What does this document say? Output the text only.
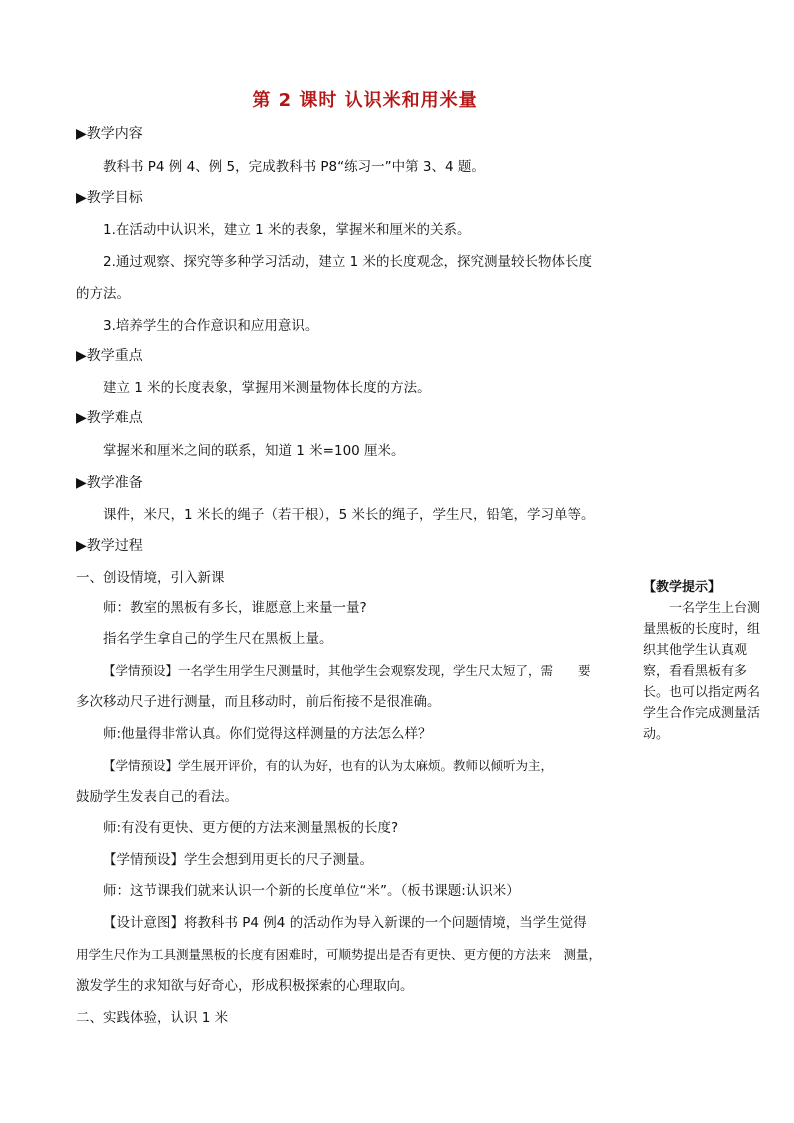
第 2 课时 认识米和用米量
▶教学内容
教科书 P4 例 4、例 5，完成教科书 P8“练习一”中第 3、4 题。
▶教学目标
1.在活动中认识米，建立 1 米的表象，掌握米和厘米的关系。
2.通过观察、探究等多种学习活动，建立 1 米的长度观念，探究测量较长物体长度
的方法。
3.培养学生的合作意识和应用意识。
▶教学重点
建立 1 米的长度表象，掌握用米测量物体长度的方法。
▶教学难点
掌握米和厘米之间的联系，知道 1 米=100 厘米。
▶教学准备
课件，米尺，1 米长的绳子（若干根），5 米长的绳子，学生尺，铅笔，学习单等。
▶教学过程
一、创设情境，引入新课
师：教室的黑板有多长，谁愿意上来量一量?
指名学生拿自己的学生尺在黑板上量。
【学情预设】一名学生用学生尺测量时，其他学生会观察发现，学生尺太短了，需　　要
多次移动尺子进行测量，而且移动时，前后衔接不是很准确。
师:他量得非常认真。你们觉得这样测量的方法怎么样？
【学情预设】学生展开评价，有的认为好，也有的认为太麻烦。教师以倾听为主，
鼓励学生发表自己的看法。
师:有没有更快、更方便的方法来测量黑板的长度?
【学情预设】学生会想到用更长的尺子测量。
师：这节课我们就来认识一个新的长度单位“米”。（板书课题:认识米）
【设计意图】将教科书 P4 例4 的活动作为导入新课的一个问题情境，当学生觉得
用学生尺作为工具测量黑板的长度有困难时，可顺势提出是否有更快、更方便的方法来　测量，
激发学生的求知欲与好奇心，形成积极探索的心理取向。
二、实践体验，认识 1 米
【教学提示】
一名学生上台测量黑板的长度时，组织其他学生认真观察，看看黑板有多长。也可以指定两名学生合作完成测量活动。
